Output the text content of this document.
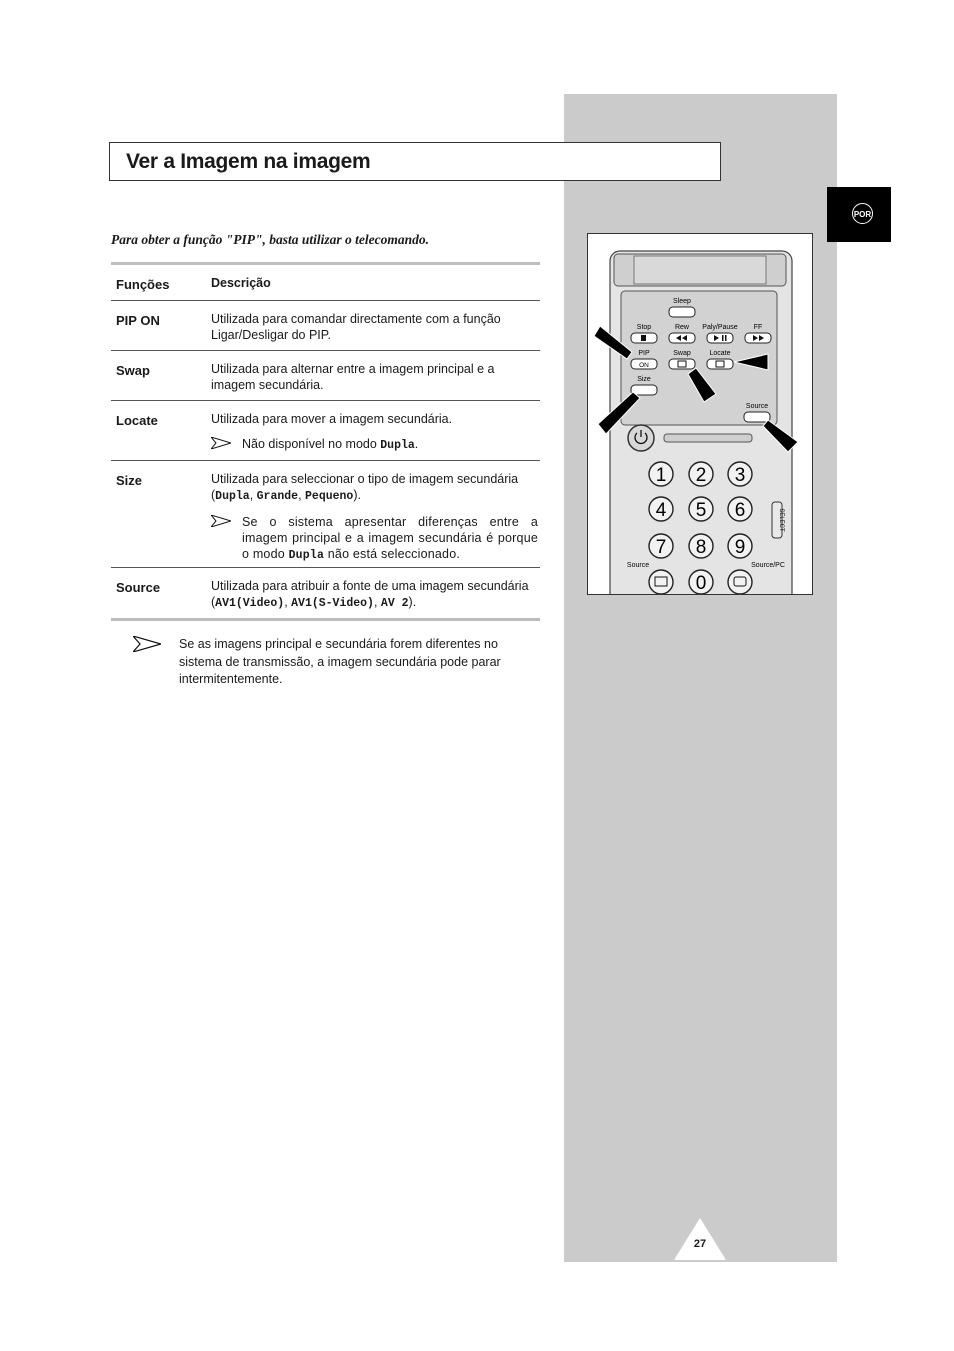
Ver a Imagem na imagem
POR
Para obter a função "PIP", basta utilizar o telecomando.
Funções	Descrição
PIP ON	Utilizada para comandar directamente com a função Ligar/Desligar do PIP.
Swap	Utilizada para alternar entre a imagem principal e a imagem secundária.
Locate	Utilizada para mover a imagem secundária.
Não disponível no modo Dupla.
Size	Utilizada para seleccionar o tipo de imagem secundária (Dupla, Grande, Pequeno).
Se o sistema apresentar diferenças entre a imagem principal e a imagem secundária é porque o modo Dupla não está seleccionado.
Source	Utilizada para atribuir a fonte de uma imagem secundária (AV1(Video), AV1(S-Video), AV 2).
Se as imagens principal e secundária forem diferentes no sistema de transmissão, a imagem secundária pode parar intermitentemente.
Sleep
Stop	Rew Paly/Pause FF
PIP	Swap	Locate
ON
Size
Source
1 2 3
4 5 6
7 8 9
0
Source	Source/PC
SELECT
27
